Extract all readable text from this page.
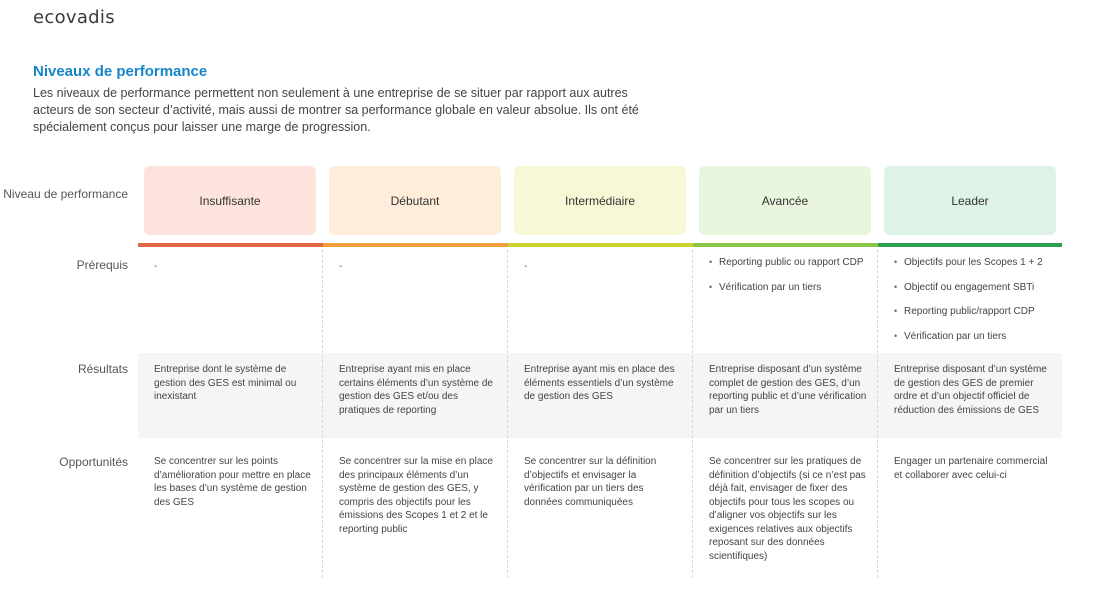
ecovadis
Niveaux de performance
Les niveaux de performance permettent non seulement à une entreprise de se situer par rapport aux autres acteurs de son secteur d’activité, mais aussi de montrer sa performance globale en valeur absolue. Ils ont été spécialement conçus pour laisser une marge de progression.
Niveau de performance
Prérequis
Résultats
Opportunités
Insuffisante
-
Entreprise dont le système de gestion des GES est minimal ou inexistant
Se concentrer sur les points d’amélioration pour mettre en place les bases d’un système de gestion des GES
Débutant
-
Entreprise ayant mis en place certains éléments d’un système de gestion des GES et/ou des pratiques de reporting
Se concentrer sur la mise en place des principaux éléments d’un système de gestion des GES, y compris des objectifs pour les émissions des Scopes 1 et 2 et le reporting public
Intermédiaire
-
Entreprise ayant mis en place des éléments essentiels d’un système de gestion des GES
Se concentrer sur la définition d’objectifs et envisager la vérification par un tiers des données communiquées
Avancée
• Reporting public ou rapport CDP
• Vérification par un tiers
Entreprise disposant d’un système complet de gestion des GES, d’un reporting public et d’une vérification par un tiers
Se concentrer sur les pratiques de définition d’objectifs (si ce n’est pas déjà fait, envisager de fixer des objectifs pour tous les scopes ou d’aligner vos objectifs sur les exigences relatives aux objectifs reposant sur des données scientifiques)
Leader
• Objectifs pour les Scopes 1 + 2
• Objectif ou engagement SBTi
• Reporting public/rapport CDP
• Vérification par un tiers
Entreprise disposant d’un système de gestion des GES de premier ordre et d’un objectif officiel de réduction des émissions de GES
Engager un partenaire commercial et collaborer avec celui-ci
